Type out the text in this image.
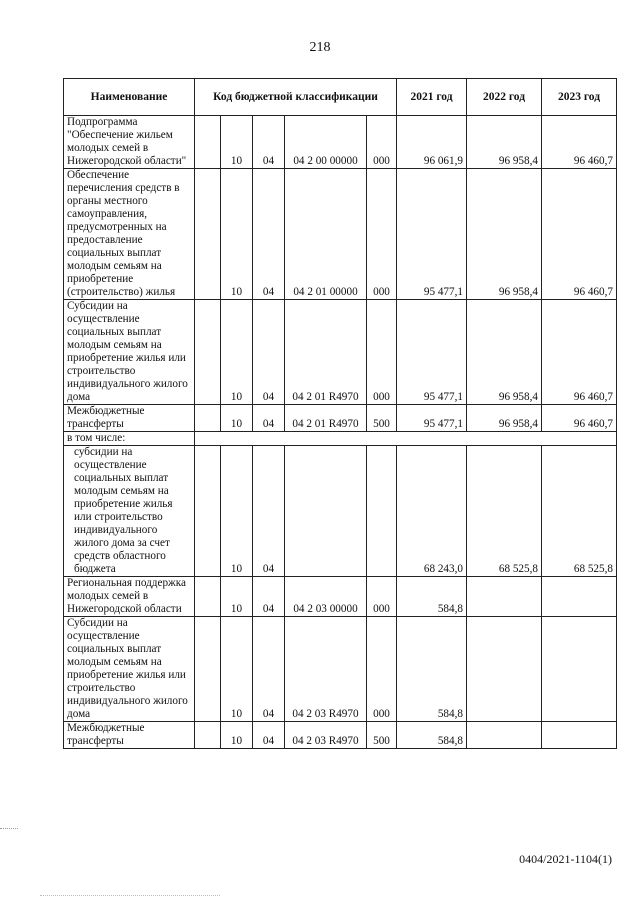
218
Наименование	Код бюджетной классификации					2021 год	2022 год	2023 год
Подпрограмма "Обеспечение жильем молодых семей в Нижегородской области"		10	04	04 2 00 00000	000	96 061,9	96 958,4	96 460,7
Обеспечение перечисления средств в органы местного самоуправления, предусмотренных на предоставление социальных выплат молодым семьям на приобретение (строительство) жилья		10	04	04 2 01 00000	000	95 477,1	96 958,4	96 460,7
Субсидии на осуществление социальных выплат молодым семьям на приобретение жилья или строительство индивидуального жилого дома		10	04	04 2 01 R4970	000	95 477,1	96 958,4	96 460,7
Межбюджетные трансферты		10	04	04 2 01 R4970	500	95 477,1	96 958,4	96 460,7
в том числе:								
субсидии на осуществление социальных выплат молодым семьям на приобретение жилья или строительство индивидуального жилого дома за счет средств областного бюджета		10	04			68 243,0	68 525,8	68 525,8
Региональная поддержка молодых семей в Нижегородской области		10	04	04 2 03 00000	000	584,8		
Субсидии на осуществление социальных выплат молодым семьям на приобретение жилья или строительство индивидуального жилого дома		10	04	04 2 03 R4970	000	584,8		
Межбюджетные трансферты		10	04	04 2 03 R4970	500	584,8		
0404/2021-1104(1)
